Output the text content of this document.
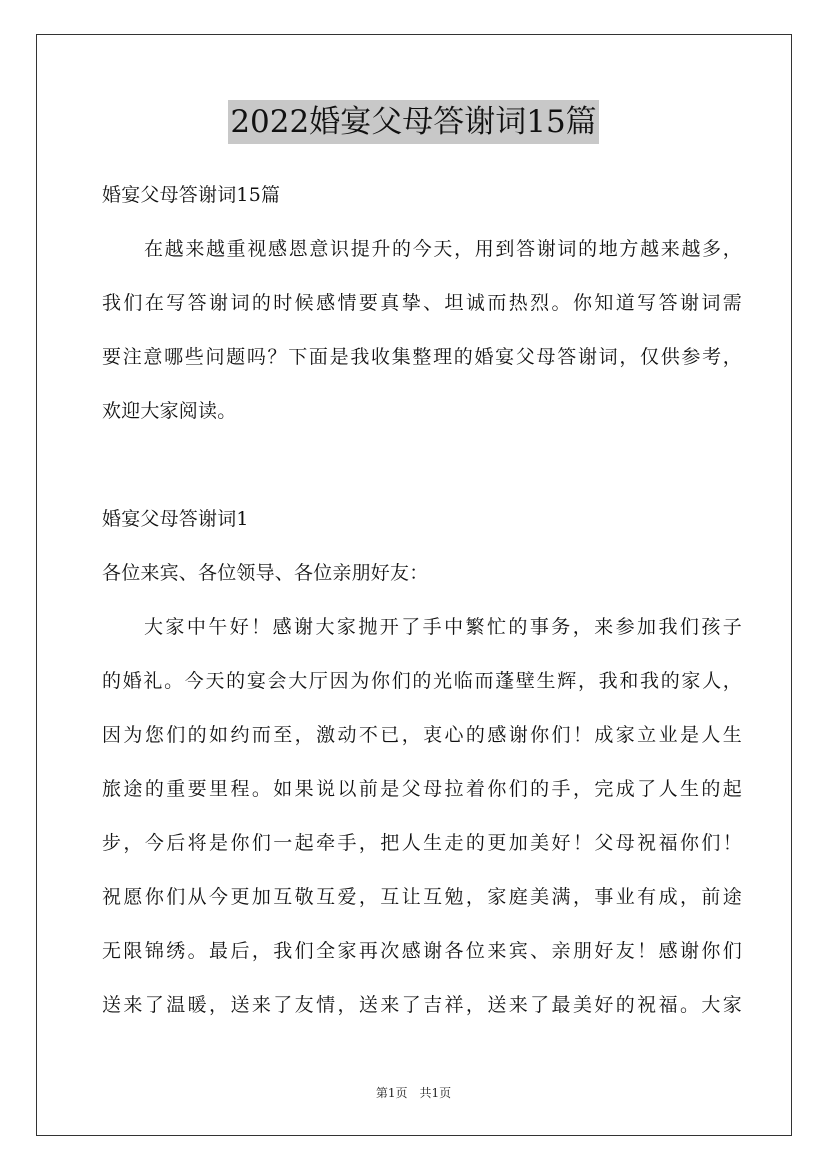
2022婚宴父母答谢词15篇
婚宴父母答谢词15篇
在越来越重视感恩意识提升的今天，用到答谢词的地方越来越多，
我们在写答谢词的时候感情要真挚、坦诚而热烈。你知道写答谢词需
要注意哪些问题吗？下面是我收集整理的婚宴父母答谢词，仅供参考，
欢迎大家阅读。
婚宴父母答谢词1
各位来宾、各位领导、各位亲朋好友：
大家中午好！感谢大家抛开了手中繁忙的事务，来参加我们孩子
的婚礼。今天的宴会大厅因为你们的光临而蓬壁生辉，我和我的家人，
因为您们的如约而至，激动不已，衷心的感谢你们！成家立业是人生
旅途的重要里程。如果说以前是父母拉着你们的手，完成了人生的起
步，今后将是你们一起牵手，把人生走的更加美好！父母祝福你们！
祝愿你们从今更加互敬互爱，互让互勉，家庭美满，事业有成，前途
无限锦绣。最后，我们全家再次感谢各位来宾、亲朋好友！感谢你们
送来了温暖，送来了友情，送来了吉祥，送来了最美好的祝福。大家
第1页　共1页
